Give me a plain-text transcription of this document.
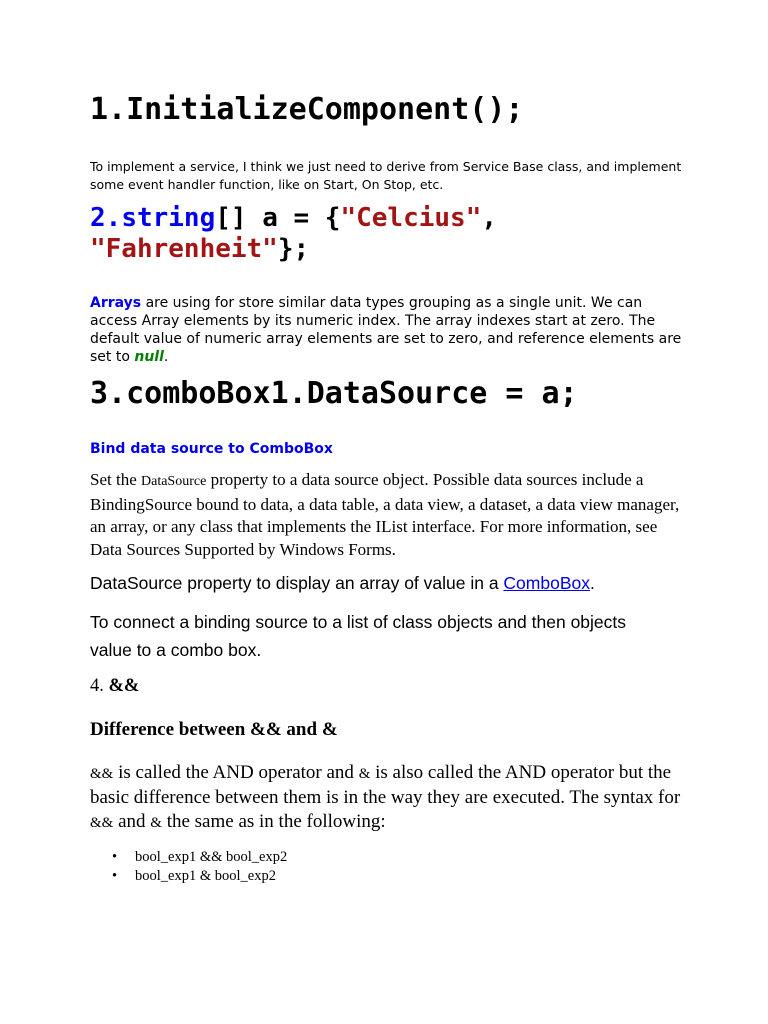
1.InitializeComponent();

To implement a service, I think we just need to derive from Service Base class, and implement some event handler function, like on Start, On Stop, etc.

2.string[] a = {"Celcius",
"Fahrenheit"};

Arrays are using for store similar data types grouping as a single unit. We can access Array elements by its numeric index. The array indexes start at zero. The default value of numeric array elements are set to zero, and reference elements are set to null.

3.comboBox1.DataSource = a;
Bind data source to ComboBox

Set the DataSource property to a data source object. Possible data sources include a BindingSource bound to data, a data table, a data view, a dataset, a data view manager, an array, or any class that implements the IList interface. For more information, see Data Sources Supported by Windows Forms.

DataSource property to display an array of value in a ComboBox.

To connect a binding source to a list of class objects and then objects value to a combo box.

4. &&

Difference between && and &

&& is called the AND operator and & is also called the AND operator but the basic difference between them is in the way they are executed. The syntax for && and & the same as in the following:

• bool_exp1 && bool_exp2
• bool_exp1 & bool_exp2
